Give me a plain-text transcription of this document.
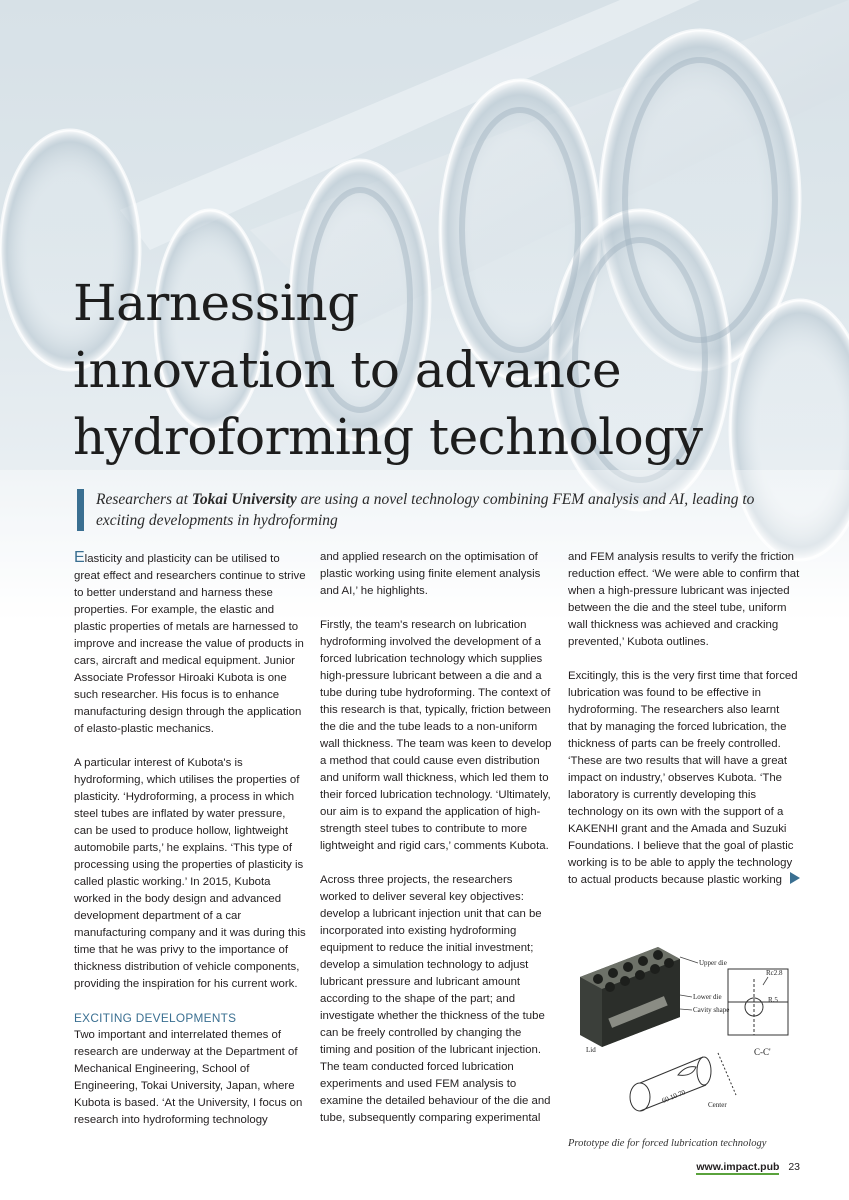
Harnessing
innovation to advance
hydroforming technology
Researchers at Tokai University are using a novel technology combining FEM analysis and AI, leading to exciting developments in hydroforming

Elasticity and plasticity can be utilised to great effect and researchers continue to strive to better understand and harness these properties. For example, the elastic and plastic properties of metals are harnessed to improve and increase the value of products in cars, aircraft and medical equipment. Junior Associate Professor Hiroaki Kubota is one such researcher. His focus is to enhance manufacturing design through the application of elasto-plastic mechanics.

A particular interest of Kubota's is hydroforming, which utilises the properties of plasticity. ‘Hydroforming, a process in which steel tubes are inflated by water pressure, can be used to produce hollow, lightweight automobile parts,’ he explains. ‘This type of processing using the properties of plasticity is called plastic working.’ In 2015, Kubota worked in the body design and advanced development department of a car manufacturing company and it was during this time that he was privy to the importance of thickness distribution of vehicle components, providing the inspiration for his current work.

EXCITING DEVELOPMENTS

Two important and interrelated themes of research are underway at the Department of Mechanical Engineering, School of Engineering, Tokai University, Japan, where Kubota is based. ‘At the University, I focus on research into hydroforming technology

and applied research on the optimisation of plastic working using finite element analysis and AI,’ he highlights.

Firstly, the team's research on lubrication hydroforming involved the development of a forced lubrication technology which supplies high-pressure lubricant between a die and a tube during tube hydroforming. The context of this research is that, typically, friction between the die and the tube leads to a non-uniform wall thickness. The team was keen to develop a method that could cause even distribution and uniform wall thickness, which led them to their forced lubrication technology. ‘Ultimately, our aim is to expand the application of high-strength steel tubes to contribute to more lightweight and rigid cars,’ comments Kubota.

Across three projects, the researchers worked to deliver several key objectives: develop a lubricant injection unit that can be incorporated into existing hydroforming equipment to reduce the initial investment; develop a simulation technology to adjust lubricant pressure and lubricant amount according to the shape of the part; and investigate whether the thickness of the tube can be freely controlled by changing the timing and position of the lubricant injection. The team conducted forced lubrication experiments and used FEM analysis to examine the detailed behaviour of the die and tube, subsequently comparing experimental

and FEM analysis results to verify the friction reduction effect. ‘We were able to confirm that when a high-pressure lubricant was injected between the die and the steel tube, uniform wall thickness was achieved and cracking prevented,’ Kubota outlines.

Excitingly, this is the very first time that forced lubrication was found to be effective in hydroforming. The researchers also learnt that by managing the forced lubrication, the thickness of parts can be freely controlled. ‘These are two results that will have a great impact on industry,’ observes Kubota. ‘The laboratory is currently developing this technology on its own with the support of a KAKENHI grant and the Amada and Suzuki Foundations. I believe that the goal of plastic working is to be able to apply the technology to actual products because plastic working

Upper die
Rc2.8
R.5
Lower die
Cavity shape
Lid	C-C'
Center
60 10 70
Prototype die for forced lubrication technology
www.impact.pub 23
